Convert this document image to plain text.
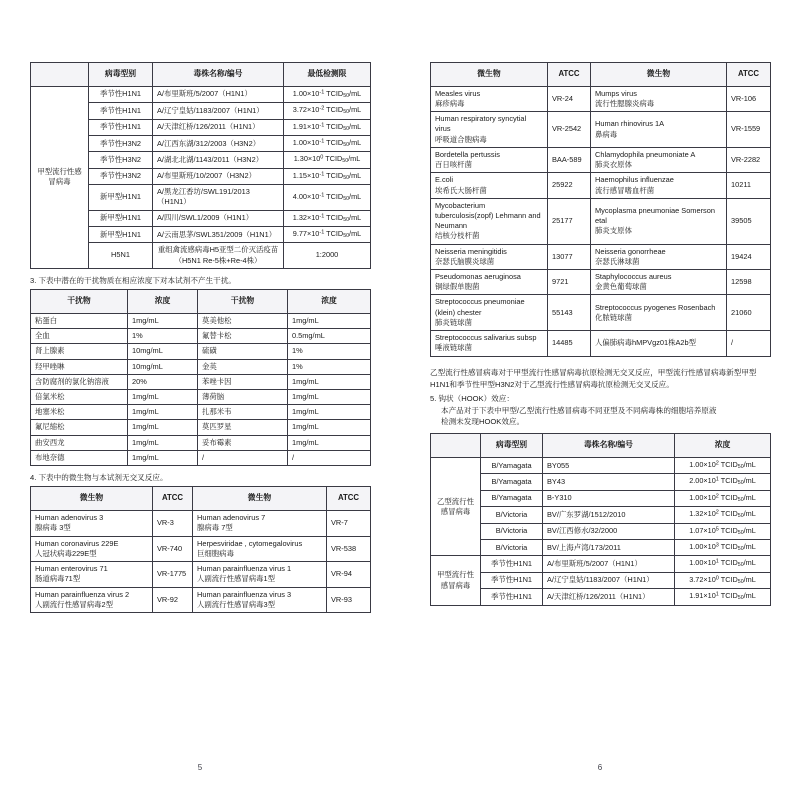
	病毒型别	毒株名称/编号	最低检测限
甲型流行性感冒病毒	季节性H1N1	A/布里斯班/5/2007（H1N1）	$1.00\times 10^{‑1}$ $TCID_{50}/mL$
	季节性H1N1	A/辽宁皇姑/1183/2007（H1N1）	$3.72\times 10^{‑2}$ $TCID_{50}/mL$
	季节性H1N1	A/天津红桥/126/2011（H1N1）	$1.91\times 10^{‑1}$ $TCID_{50}/mL$
	季节性H3N2	A/江西东湖/312/2003（H3N2）	$1.00\times 10^{‑1}$ $TCID_{50}/mL$
	季节性H3N2	A/湖北北湖/1143/2011（H3N2）	$1.30\times 10^0$ $TCID_{50}/mL$
	季节性H3N2	A/布里斯班/10/2007（H3N2）	$1.15\times 10^{‑1}$ $TCID_{50}/mL$
	新甲型H1N1	A/黑龙江香坊/SWL191/2013（H1N1）	$4.00\times 10^{‑1}$ $TCID_{50}/mL$
	新甲型H1N1	A/四川/SWL1/2009（H1N1）	$1.32\times 10^{‑1}$ $TCID_{50}/mL$
	新甲型H1N1	A/云南思茅/SWL351/2009（H1N1）	$9.77\times 10^{‑1}$ $TCID_{50}/mL$
	H5N1	重组禽流感病毒H5亚型二价灭活疫苗
（H5N1 Re-5株+Re-4株）	1:2000
3. 下表中潜在的干扰物质在相应浓度下对本试剂不产生干扰。
干扰物	浓度	干扰物	浓度
粘蛋白	1mg/mL	莫美他松	1mg/mL
全血	1%	氟替卡松	0.5mg/mL
肾上腺素	10mg/mL	硫磺	1%
羟甲唑啉	10mg/mL	金英	1%
含防腐剂的氯化钠溶液	20%	苯唑卡因	1mg/mL
倍氯米松	1mg/mL	薄荷脑	1mg/mL
地塞米松	1mg/mL	扎那米韦	1mg/mL
氟尼缩松	1mg/mL	莫匹罗星	1mg/mL
曲安西龙	1mg/mL	妥布霉素	1mg/mL
布地奈德	1mg/mL	/	/
4. 下表中的微生物与本试剂无交叉反应。
微生物	ATCC	微生物	ATCC
Human adenovirus 3
腺病毒 3型	VR-3	Human adenovirus 7
腺病毒 7型	VR-7
Human coronavirus 229E
人冠状病毒229E型	VR-740	Herpesviridae , cytomegalovirus
巨细胞病毒	VR-538
Human enterovirus 71
肠道病毒71型	VR-1775	Human parainfluenza virus 1
人副流行性感冒病毒1型	VR-94
Human parainfluenza virus 2
人副流行性感冒病毒2型	VR-92	Human parainfluenza virus 3
人副流行性感冒病毒3型	VR-93
5
微生物	ATCC	微生物	ATCC
Measles virus
麻疹病毒	VR-24	Mumps virus
流行性腮腺炎病毒	VR-106
Human respiratory syncytial virus
呼吸道合胞病毒	VR-2542	Human rhinovirus 1A
鼻病毒	VR-1559
Bordetella pertussis
百日咳杆菌	BAA-589	Chlamydophila pneumoniate A
肺炎衣原体	VR-2282
E.coli
埃希氏大肠杆菌	25922	Haemophilus influenzae
流行感冒嗜血杆菌	10211
Mycobacterium tuberculosis(zopf) Lehmann and Neumann
结核分枝杆菌	25177	Mycoplasma pneumoniae Somerson etal
肺炎支原体	39505
Neisseria meningitidis
奈瑟氏脑膜炎球菌	13077	Neisseria gonorrheae
奈瑟氏淋球菌	19424
Pseudomonas aeruginosa
铜绿假单胞菌	9721	Staphylococcus aureus
金黄色葡萄球菌	12598
Streptococcus pneumoniae (klein) chester
肺炎链球菌	55143	Streptococcus pyogenes Rosenbach
化脓链球菌	21060
Streptococcus salivarius subsp
唾液链球菌	14485	人偏肺病毒hMPVgz01株A2b型	/
乙型流行性感冒病毒对于甲型流行性感冒病毒抗原检测无交叉反应，甲型流行性感冒病毒新型甲型H1N1和季节性甲型H3N2对于乙型流行性感冒病毒抗原检测无交叉反应。
5. 钩状（HOOK）效应：
本产品对于下表中甲型/乙型流行性感冒病毒不同亚型及不同病毒株的细胞培养原液
检测未发现HOOK效应。
	病毒型别	毒株名称/编号	浓度
乙型流行性感冒病毒	B/Yamagata	BY055	$1.00\times 10^2$ $TCID_{50}/mL$
	B/Yamagata	BY43	$2.00\times 10^1$ $TCID_{50}/mL$
	B/Yamagata	B-Y310	$1.00\times 10^2$ $TCID_{50}/mL$
	B/Victoria	BV/广东罗湖/1512/2010	$1.32\times 10^2$ $TCID_{50}/mL$
	B/Victoria	BV/江西修水/32/2000	$1.07\times 10^5$ $TCID_{50}/mL$
	B/Victoria	BV/上海卢湾/173/2011	$1.00\times 10^3$ $TCID_{50}/mL$
甲型流行性感冒病毒	季节性H1N1	A/布里斯班/5/2007（H1N1）	$1.00\times 10^1$ $TCID_{50}/mL$
	季节性H1N1	A/辽宁皇姑/1183/2007（H1N1）	$3.72\times 10^0$ $TCID_{50}/mL$
	季节性H1N1	A/天津红桥/126/2011（H1N1）	$1.91\times 10^1$ $TCID_{50}/mL$
6
